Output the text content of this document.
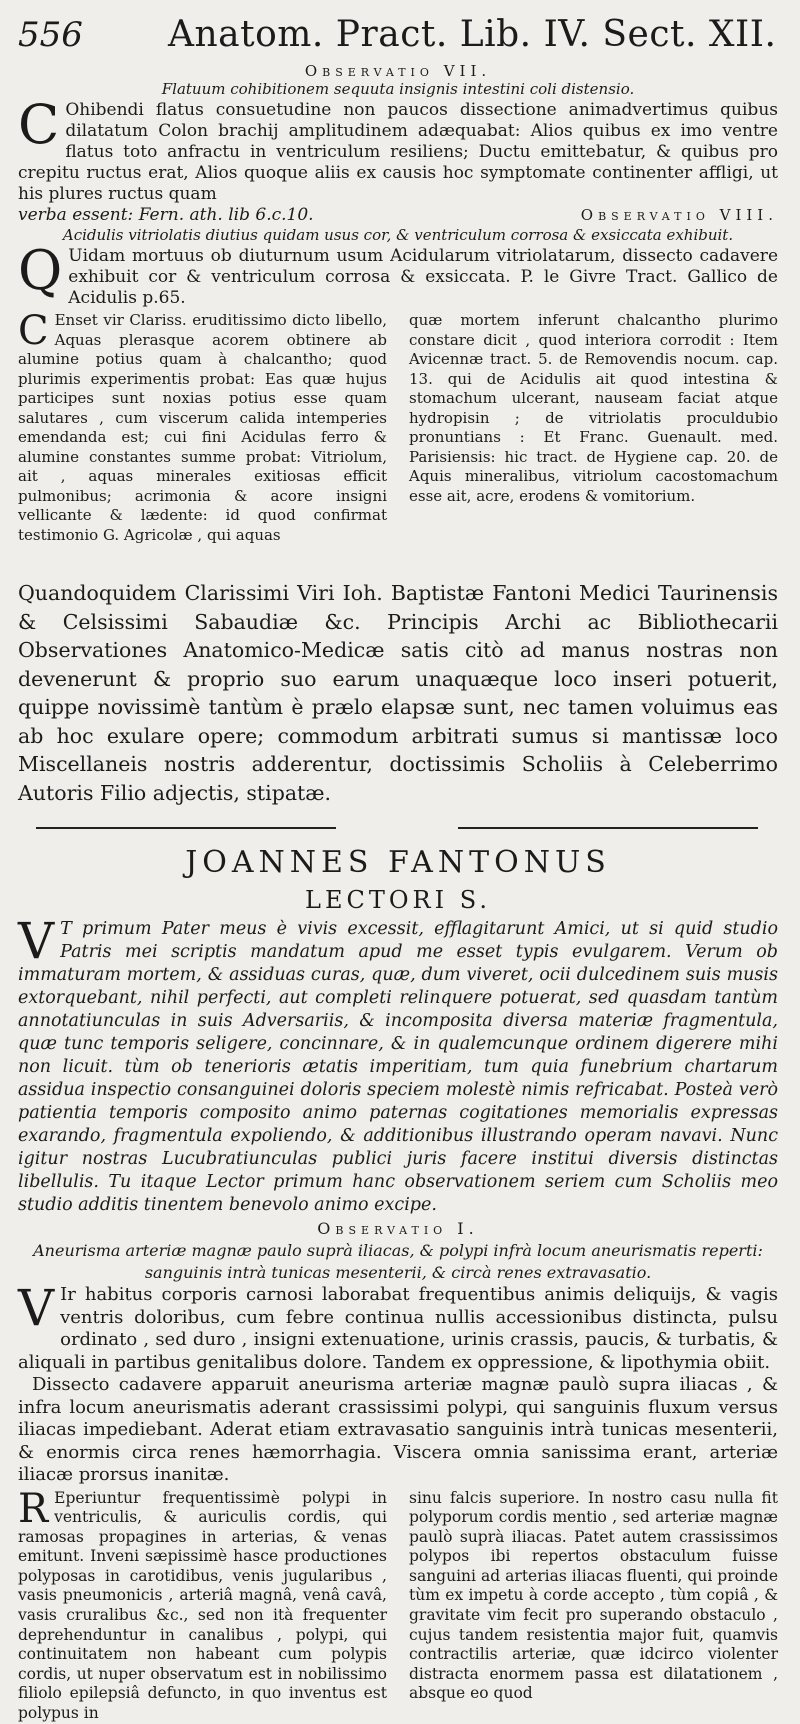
556	Anatom. Pract. Lib. IV. Sect. XII.

Observatio VII.

Flatuum cohibitionem sequuta insignis intestini coli distensio.

C Ohibendi flatus consuetudine non paucos dissectione animadvertimus quibus dilatatum Colon brachij amplitudinem adæquabat: Alios quibus ex imo ventre flatus toto anfractu in ventriculum resiliens; Ductu emittebatur, & quibus pro crepitu ructus erat, Alios quoque aliis ex causis hoc symptomate continenter affligi, ut his plures ructus quam

verba essent: Fern. ath. lib 6.c.10.	Observatio VIII.

Acidulis vitriolatis diutius quidam usus cor, & ventriculum corrosa & exsiccata exhibuit.

Q Uidam mortuus ob diuturnum usum Acidularum vitriolatarum, dissecto cadavere exhibuit cor & ventriculum corrosa & exsiccata. P. le Givre Tract. Gallico de Acidulis p.65.

C Enset vir Clariss. eruditissimo dicto libello, Aquas plerasque acorem obtinere ab alumine potius quam à chalcantho; quod plurimis experimentis probat: Eas quæ hujus participes sunt noxias potius esse quam salutares , cum viscerum calida intemperies emendanda est; cui fini Acidulas ferro & alumine constantes summe probat: Vitriolum, ait , aquas minerales exitiosas efficit pulmonibus; acrimonia & acore insigni vellicante & lædente: id quod confirmat testimonio G. Agricolæ , qui aquas
quæ mortem inferunt chalcantho plurimo constare dicit , quod interiora corrodit : Item Avicennæ tract. 5. de Removendis nocum. cap. 13. qui de Acidulis ait quod intestina & stomachum ulcerant, nauseam faciat atque hydropisin ; de vitriolatis proculdubio pronuntians : Et Franc. Guenault. med. Parisiensis: hic tract. de Hygiene cap. 20. de Aquis mineralibus, vitriolum cacostomachum esse ait, acre, erodens & vomitorium.

Quandoquidem Clarissimi Viri Ioh. Baptistæ Fantoni Medici Taurinensis & Celsissimi Sabaudiæ &c. Principis Archi ac Bibliothecarii Observationes Anatomico-Medicæ satis citò ad manus nostras non devenerunt & proprio suo earum unaquæque loco inseri potuerit, quippe novissimè tantùm è prælo elapsæ sunt, nec tamen voluimus eas ab hoc exulare opere; commodum arbitrati sumus si mantissæ loco Miscellaneis nostris adderentur, doctissimis Scholiis à Celeberrimo Autoris Filio adjectis, stipatæ.

JOANNES FANTONUS

LECTORI S.

V T primum Pater meus è vivis excessit, efflagitarunt Amici, ut si quid studio Patris mei scriptis mandatum apud me esset typis evulgarem. Verum ob immaturam mortem, & assiduas curas, quæ, dum viveret, ocii dulcedinem suis musis extorquebant, nihil perfecti, aut completi relinquere potuerat, sed quasdam tantùm annotatiunculas in suis Adversariis, & incomposita diversa materiæ fragmentula, quæ tunc temporis seligere, concinnare, & in qualemcunque ordinem digerere mihi non licuit. tùm ob tenerioris ætatis imperitiam, tum quia funebrium chartarum assidua inspectio consanguinei doloris speciem molestè nimis refricabat. Posteà verò patientia temporis composito animo paternas cogitationes memorialis expressas exarando, fragmentula expoliendo, & additionibus illustrando operam navavi. Nunc igitur nostras Lucubratiunculas publici juris facere institui diversis distinctas libellulis. Tu itaque Lector primum hanc observationem seriem cum Scholiis meo studio additis tinentem benevolo animo excipe.

Observatio I.

Aneurisma arteriæ magnæ paulo suprà iliacas, & polypi infrà locum aneurismatis reperti:

sanguinis intrà tunicas mesenterii, & circà renes extravasatio.

V Ir habitus corporis carnosi laborabat frequentibus animis deliquijs, & vagis ventris doloribus, cum febre continua nullis accessionibus distincta, pulsu ordinato , sed duro , insigni extenuatione, urinis crassis, paucis, & turbatis, & aliquali in partibus genitalibus dolore. Tandem ex oppressione, & lipothymia obiit.

Dissecto cadavere apparuit aneurisma arteriæ magnæ paulò supra iliacas , & infra locum aneurismatis aderant crassissimi polypi, qui sanguinis fluxum versus iliacas impediebant. Aderat etiam extravasatio sanguinis intrà tunicas mesenterii, & enormis circa renes hæmorrhagia. Viscera omnia sanissima erant, arteriæ iliacæ prorsus inanitæ.

R Eperiuntur frequentissimè polypi in ventriculis, & auriculis cordis, qui ramosas propagines in arterias, & venas emitunt. Inveni sæpissimè hasce productiones polyposas in carotidibus, venis jugularibus , vasis pneumonicis , arteriâ magnâ, venâ cavâ, vasis cruralibus &c., sed non ità frequenter deprehenduntur in canalibus , polypi, qui continuitatem non habeant cum polypis cordis, ut nuper observatum est in nobilissimo filiolo epilepsiâ defuncto, in quo inventus est polypus in
sinu falcis superiore. In nostro casu nulla fit polyporum cordis mentio , sed arteriæ magnæ paulò suprà iliacas. Patet autem crassissimos polypos ibi repertos obstaculum fuisse sanguini ad arterias iliacas fluenti, qui proinde tùm ex impetu à corde accepto , tùm copiâ , & gravitate vim fecit pro superando obstaculo , cujus tandem resistentia major fuit, quamvis contractilis arteriæ, quæ idcirco violenter distracta enormem passa est dilatationem , absque eo quod
